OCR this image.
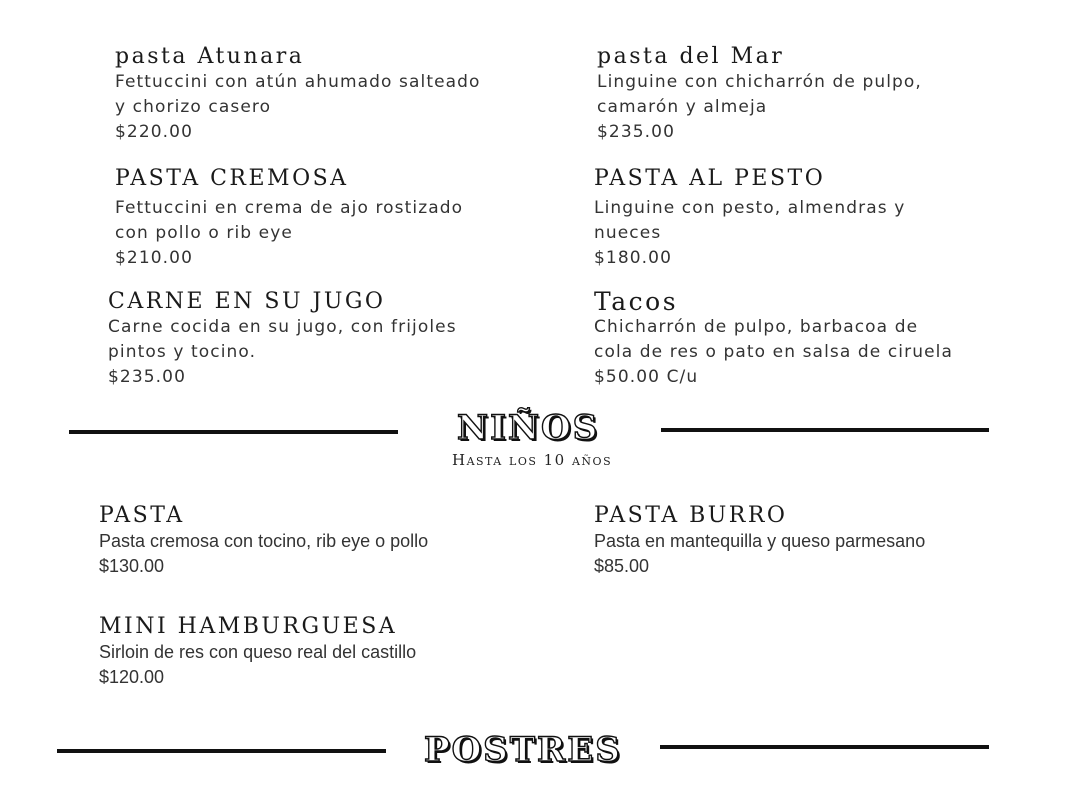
pasta Atunara
Fettuccini con atún ahumado salteado
y chorizo casero
$220.00
pasta del Mar
Linguine con chicharrón de pulpo,
camarón y almeja
$235.00
PASTA CREMOSA
Fettuccini en crema de ajo rostizado
con pollo o rib eye
$210.00
PASTA AL PESTO
Linguine con pesto, almendras y
nueces
$180.00
CARNE EN SU JUGO
Carne cocida en su jugo, con frijoles
pintos y tocino.
$235.00
Tacos
Chicharrón de pulpo, barbacoa de
cola de res o pato en salsa de ciruela
$50.00 C/u
NIÑOS
Hasta los 10 años
PASTA
Pasta cremosa con tocino, rib eye o pollo
$130.00
PASTA BURRO
Pasta en mantequilla y queso parmesano
$85.00
MINI HAMBURGUESA
Sirloin de res con queso real del castillo
$120.00
POSTRES
